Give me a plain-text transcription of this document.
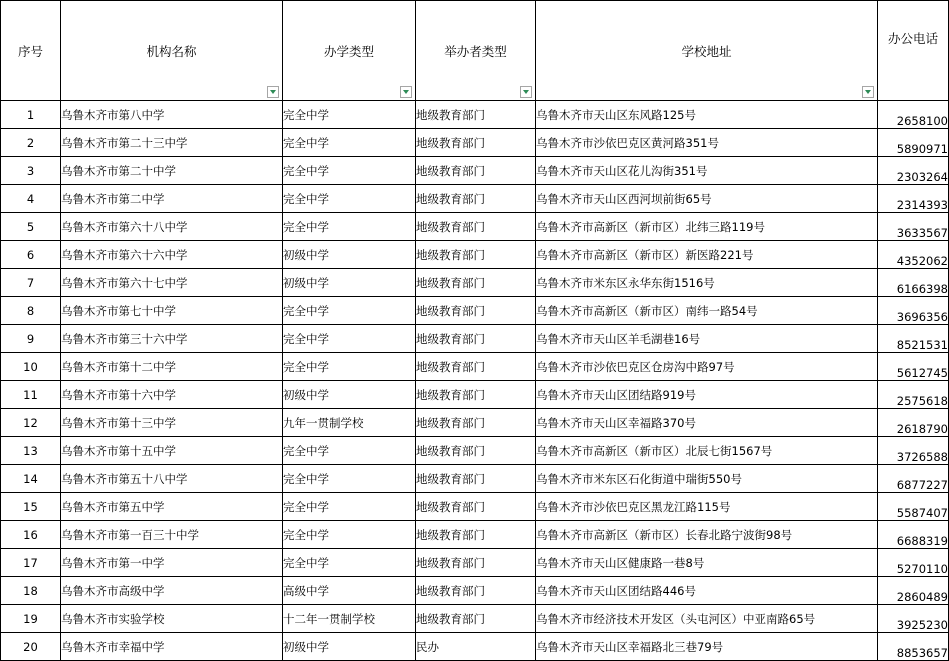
序号	机构名称	办学类型	举办者类型	学校地址	办公电话
1	乌鲁木齐市第八中学	完全中学	地级教育部门	乌鲁木齐市天山区东风路125号	2658100
2	乌鲁木齐市第二十三中学	完全中学	地级教育部门	乌鲁木齐市沙依巴克区黄河路351号	5890971
3	乌鲁木齐市第二十中学	完全中学	地级教育部门	乌鲁木齐市天山区花儿沟街351号	2303264
4	乌鲁木齐市第二中学	完全中学	地级教育部门	乌鲁木齐市天山区西河坝前街65号	2314393
5	乌鲁木齐市第六十八中学	完全中学	地级教育部门	乌鲁木齐市高新区（新市区）北纬三路119号	3633567
6	乌鲁木齐市第六十六中学	初级中学	地级教育部门	乌鲁木齐市高新区（新市区）新医路221号	4352062
7	乌鲁木齐市第六十七中学	初级中学	地级教育部门	乌鲁木齐市米东区永华东街1516号	6166398
8	乌鲁木齐市第七十中学	完全中学	地级教育部门	乌鲁木齐市高新区（新市区）南纬一路54号	3696356
9	乌鲁木齐市第三十六中学	完全中学	地级教育部门	乌鲁木齐市天山区羊毛湖巷16号	8521531
10	乌鲁木齐市第十二中学	完全中学	地级教育部门	乌鲁木齐市沙依巴克区仓房沟中路97号	5612745
11	乌鲁木齐市第十六中学	初级中学	地级教育部门	乌鲁木齐市天山区团结路919号	2575618
12	乌鲁木齐市第十三中学	九年一贯制学校	地级教育部门	乌鲁木齐市天山区幸福路370号	2618790
13	乌鲁木齐市第十五中学	完全中学	地级教育部门	乌鲁木齐市高新区（新市区）北辰七街1567号	3726588
14	乌鲁木齐市第五十八中学	完全中学	地级教育部门	乌鲁木齐市米东区石化街道中瑞街550号	6877227
15	乌鲁木齐市第五中学	完全中学	地级教育部门	乌鲁木齐市沙依巴克区黑龙江路115号	5587407
16	乌鲁木齐市第一百三十中学	完全中学	地级教育部门	乌鲁木齐市高新区（新市区）长春北路宁波街98号	6688319
17	乌鲁木齐市第一中学	完全中学	地级教育部门	乌鲁木齐市天山区健康路一巷8号	5270110
18	乌鲁木齐市高级中学	高级中学	地级教育部门	乌鲁木齐市天山区团结路446号	2860489
19	乌鲁木齐市实验学校	十二年一贯制学校	地级教育部门	乌鲁木齐市经济技术开发区（头屯河区）中亚南路65号	3925230
20	乌鲁木齐市幸福中学	初级中学	民办	乌鲁木齐市天山区幸福路北三巷79号	8853657
